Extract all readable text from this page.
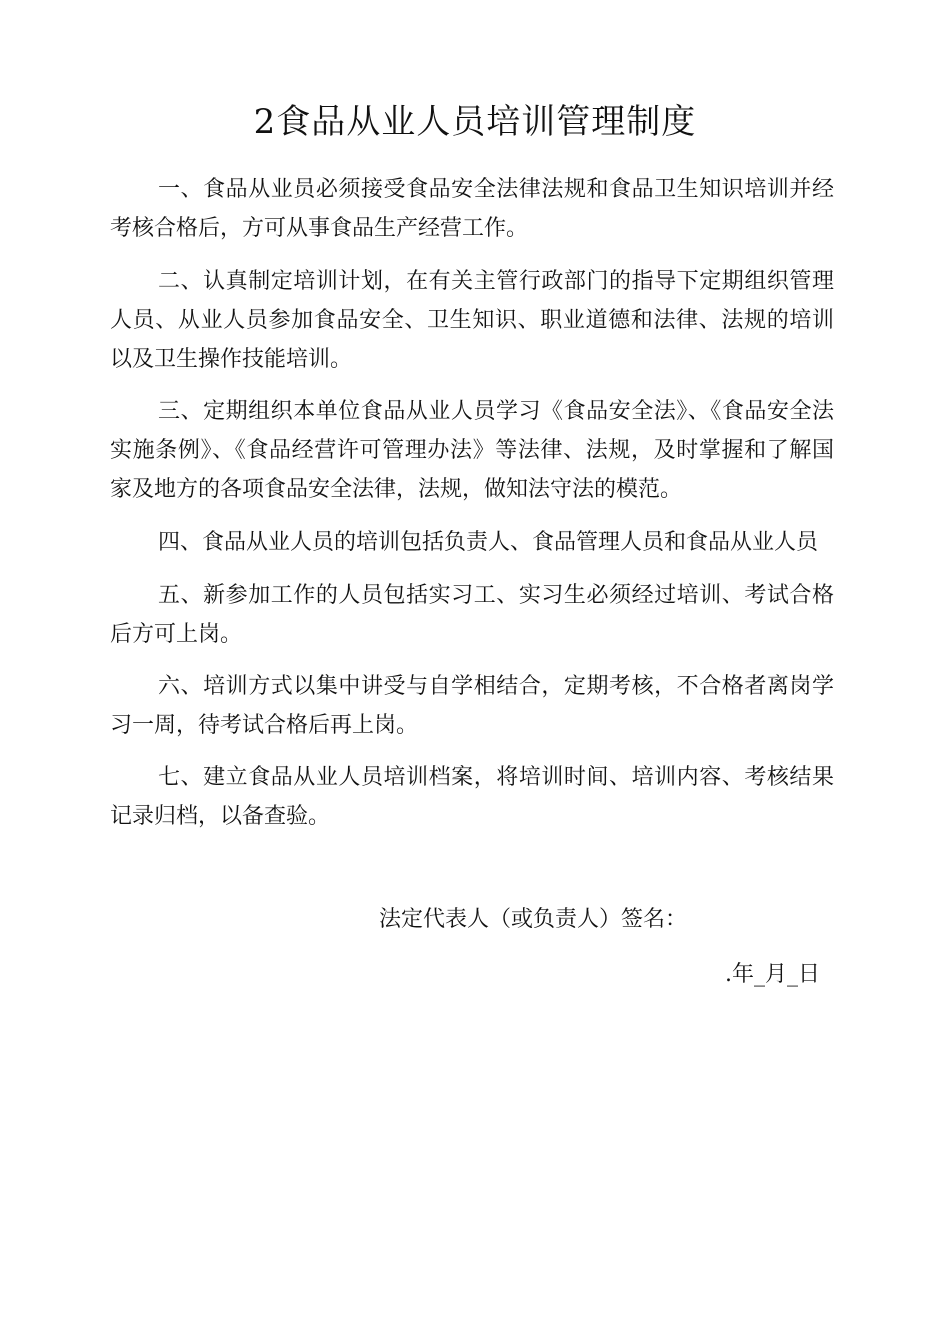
2食品从业人员培训管理制度

一、食品从业员必须接受食品安全法律法规和食品卫生知识培训并经考核合格后，方可从事食品生产经营工作。

二、认真制定培训计划，在有关主管行政部门的指导下定期组织管理人员、从业人员参加食品安全、卫生知识、职业道德和法律、法规的培训以及卫生操作技能培训。

三、定期组织本单位食品从业人员学习《食品安全法》、《食品安全法实施条例》、《食品经营许可管理办法》等法律、法规，及时掌握和了解国家及地方的各项食品安全法律，法规，做知法守法的模范。

四、食品从业人员的培训包括负责人、食品管理人员和食品从业人员

五、新参加工作的人员包括实习工、实习生必须经过培训、考试合格后方可上岗。

六、培训方式以集中讲受与自学相结合，定期考核，不合格者离岗学习一周，待考试合格后再上岗。

七、建立食品从业人员培训档案，将培训时间、培训内容、考核结果记录归档，以备查验。

法定代表人（或负责人）签名：
.年_月_日
